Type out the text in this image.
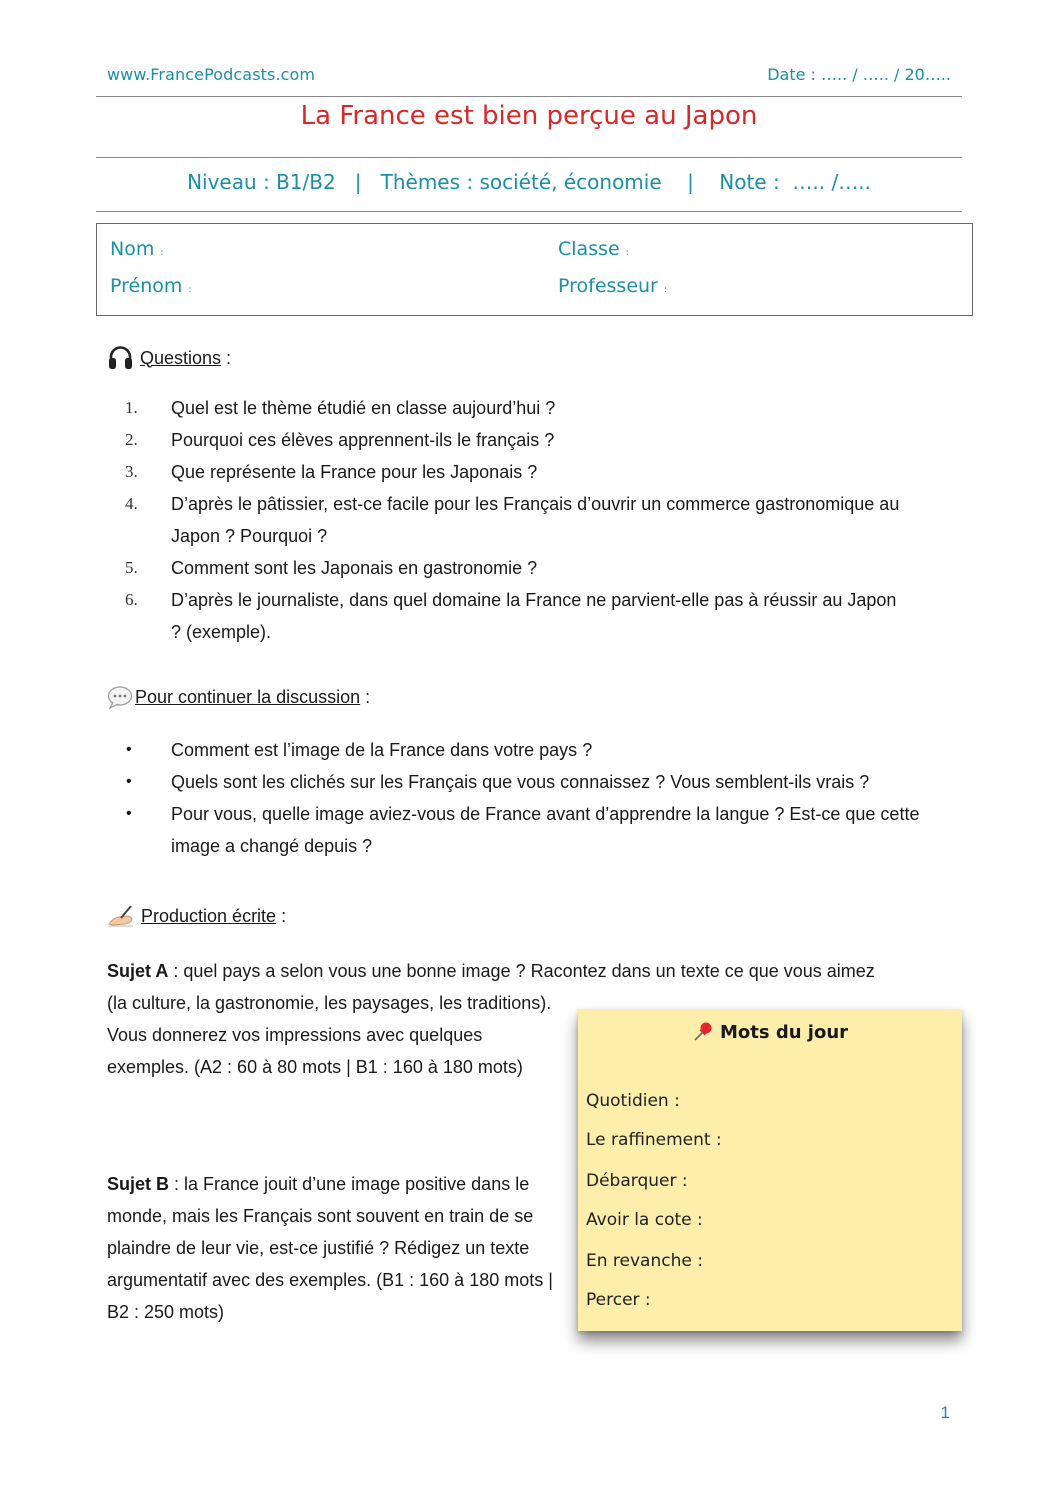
www.FrancePodcasts.com	Date : ….. / ….. / 20…..
La France est bien perçue au Japon
Niveau : B1/B2   |   Thèmes : société, économie    |    Note :  ….. /…..
Nom :	Classe :
Prénom :	Professeur :
Questions :
1. Quel est le thème étudié en classe aujourd’hui ?
2. Pourquoi ces élèves apprennent-ils le français ?
3. Que représente la France pour les Japonais ?
4. D’après le pâtissier, est-ce facile pour les Français d’ouvrir un commerce gastronomique au Japon ? Pourquoi ?
5. Comment sont les Japonais en gastronomie ?
6. D’après le journaliste, dans quel domaine la France ne parvient-elle pas à réussir au Japon ? (exemple).
Pour continuer la discussion :
• Comment est l’image de la France dans votre pays ?
• Quels sont les clichés sur les Français que vous connaissez ? Vous semblent-ils vrais ?
• Pour vous, quelle image aviez-vous de France avant d’apprendre la langue ? Est-ce que cette image a changé depuis ?
Production écrite :
Sujet A : quel pays a selon vous une bonne image ? Racontez dans un texte ce que vous aimez
(la culture, la gastronomie, les paysages, les traditions). Vous donnerez vos impressions avec quelques exemples. (A2 : 60 à 80 mots | B1 : 160 à 180 mots)
Sujet B : la France jouit d’une image positive dans le monde, mais les Français sont souvent en train de se plaindre de leur vie, est-ce justifié ? Rédigez un texte argumentatif avec des exemples. (B1 : 160 à 180 mots | B2 : 250 mots)
Mots du jour
Quotidien :
Le raffinement :
Débarquer :
Avoir la cote :
En revanche :
Percer :
1
